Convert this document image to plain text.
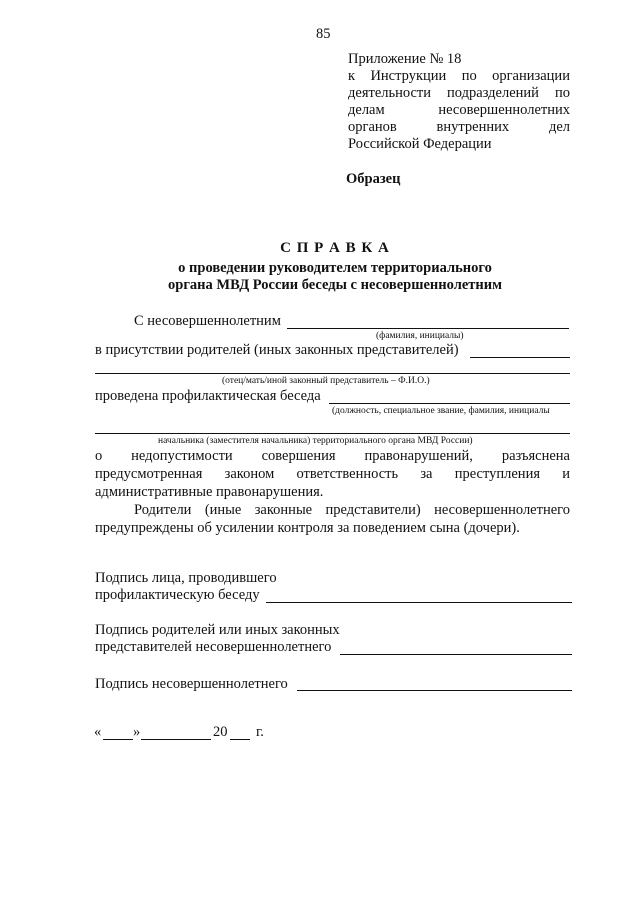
85
Приложение № 18
к Инструкции по организации
деятельности подразделений по
делам	несовершеннолетних
органов	внутренних	дел
Российской Федерации
Образец
С П Р А В К А
о проведении руководителем территориального
органа МВД России беседы с несовершеннолетним
С несовершеннолетним
(фамилия, инициалы)
в присутствии родителей (иных законных представителей)
(отец/мать/иной законный представитель – Ф.И.О.)
проведена профилактическая беседа
(должность, специальное звание, фамилия, инициалы
начальника (заместителя начальника) территориального органа МВД России)
о недопустимости совершения правонарушений, разъяснена
предусмотренная законом ответственность за преступления и
административные правонарушения.
Родители (иные законные представители) несовершеннолетнего
предупреждены об усилении контроля за поведением сына (дочери).
Подпись лица, проводившего
профилактическую беседу
Подпись родителей или иных законных
представителей несовершеннолетнего
Подпись несовершеннолетнего
« »	20 г.
